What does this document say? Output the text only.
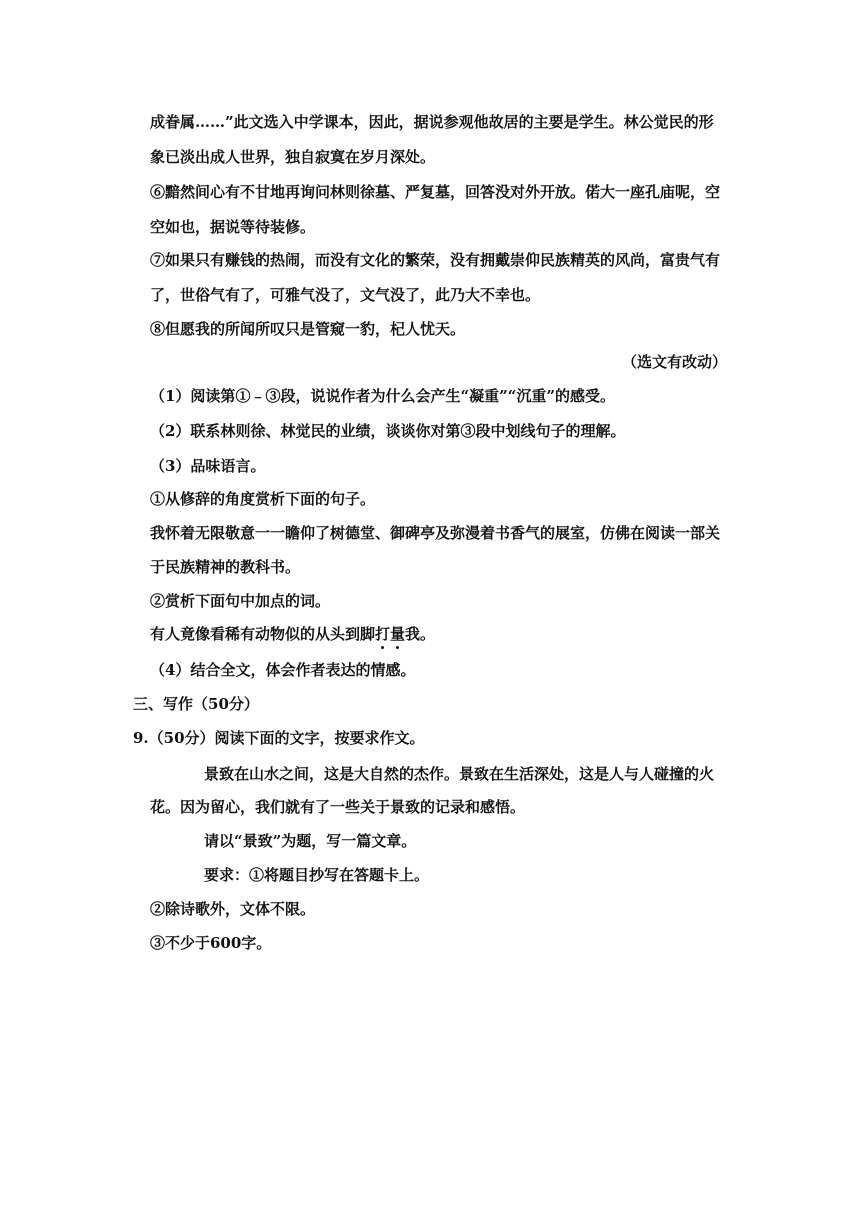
成眷属……”此文选入中学课本，因此，据说参观他故居的主要是学生。林公觉民的形
象已淡出成人世界，独自寂寞在岁月深处。
⑥黯然间心有不甘地再询问林则徐墓、严复墓，回答没对外开放。偌大一座孔庙呢，空
空如也，据说等待装修。
⑦如果只有赚钱的热闹，而没有文化的繁荣，没有拥戴崇仰民族精英的风尚，富贵气有
了，世俗气有了，可雅气没了，文气没了，此乃大不幸也。
⑧但愿我的所闻所叹只是管窥一豹，杞人忧天。
（选文有改动）
（1）阅读第①﹣③段，说说作者为什么会产生“凝重”“沉重”的感受。
（2）联系林则徐、林觉民的业绩，谈谈你对第③段中划线句子的理解。
（3）品味语言。
①从修辞的角度赏析下面的句子。
我怀着无限敬意一一瞻仰了树德堂、御碑亭及弥漫着书香气的展室，仿佛在阅读一部关
于民族精神的教科书。
②赏析下面句中加点的词。
有人竟像看稀有动物似的从头到脚打
量
我。
（4）结合全文，体会作者表达的情感。
三、写作（50分）
9.（50分）阅读下面的文字，按要求作文。
景致在山水之间，这是大自然的杰作。景致在生活深处，这是人与人碰撞的火
花。因为留心，我们就有了一些关于景致的记录和感悟。
请以“景致”为题，写一篇文章。
要求：①将题目抄写在答题卡上。
②除诗歌外，文体不限。
③不少于600字。
